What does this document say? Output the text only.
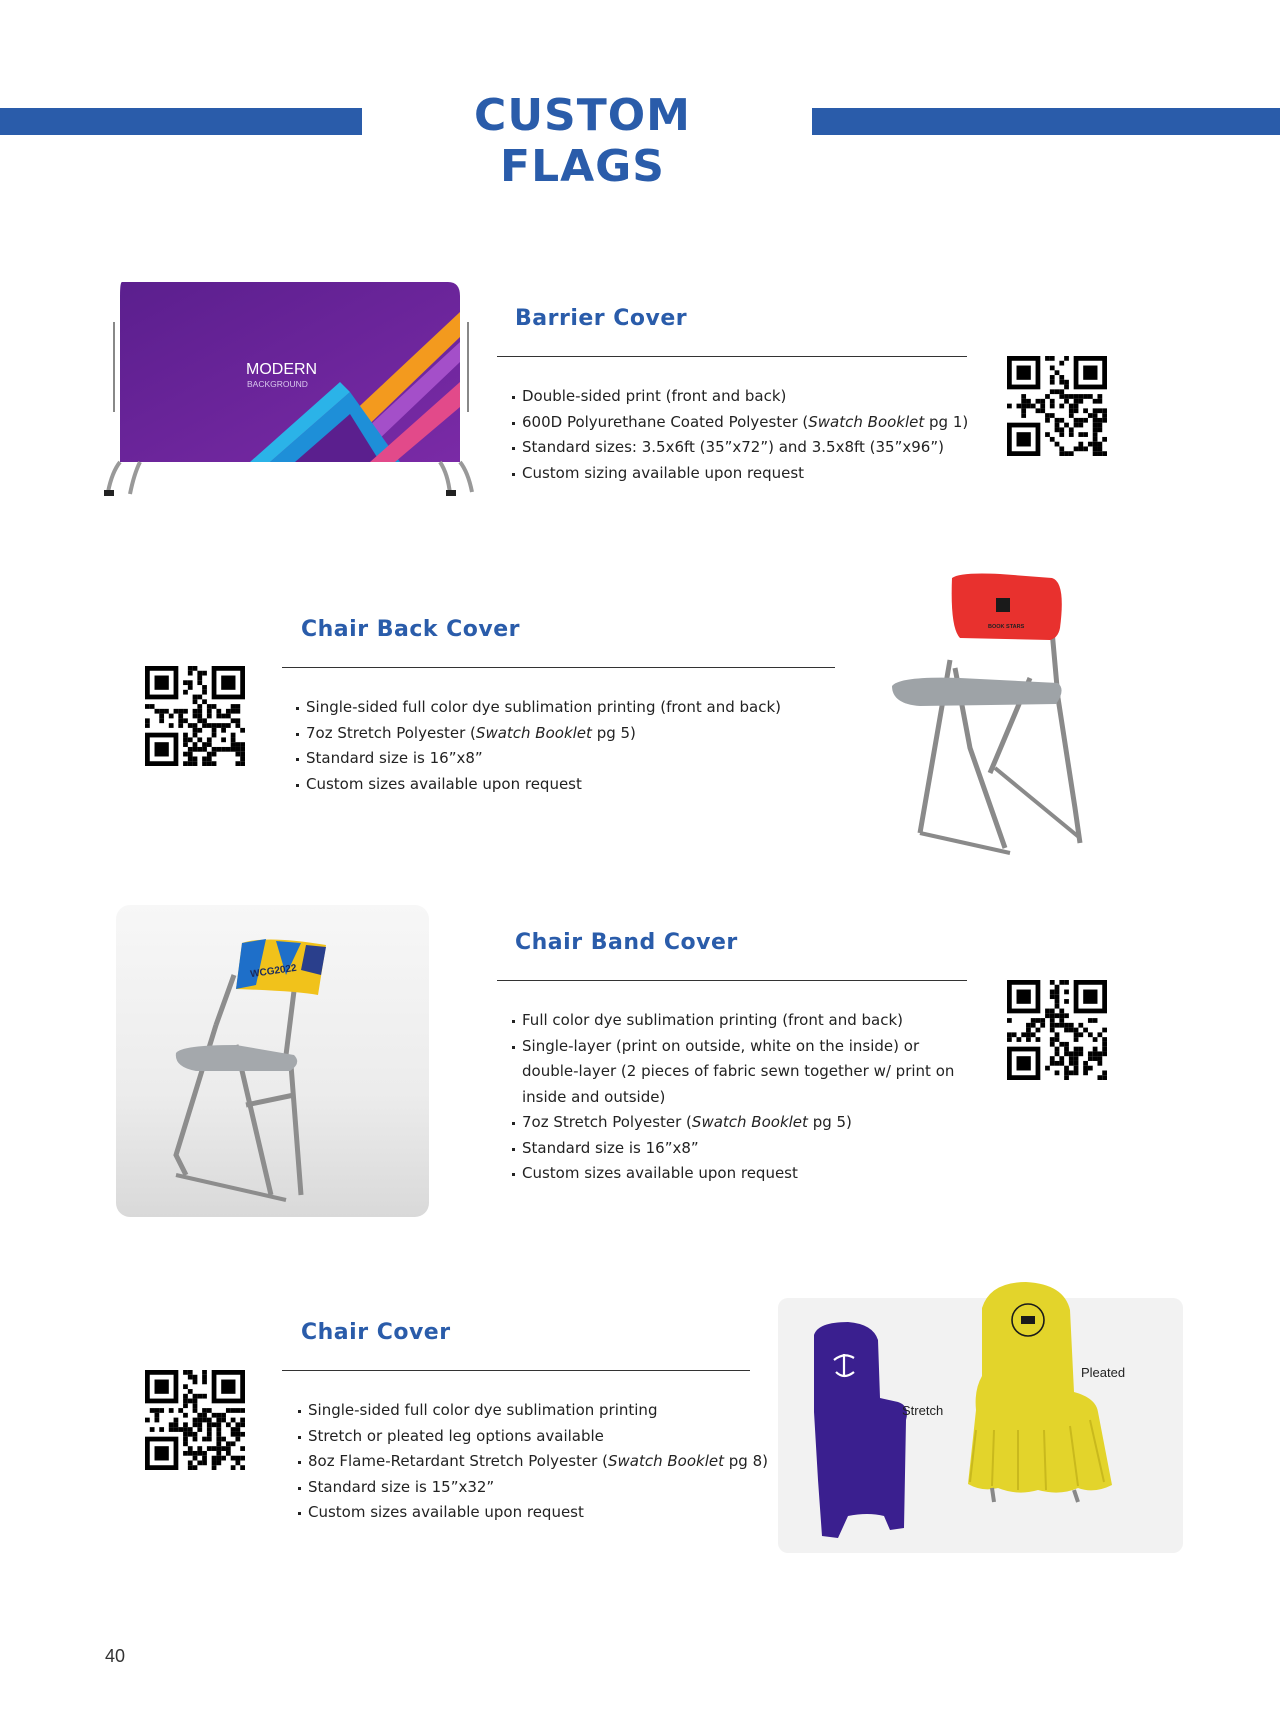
CUSTOM FLAGS
MODERN
BACKGROUND
Barrier Cover
Double-sided print (front and back)
600D Polyurethane Coated Polyester (Swatch Booklet pg 1)
Standard sizes: 3.5x6ft (35”x72”) and 3.5x8ft (35”x96”)
Custom sizing available upon request
Chair Back Cover
Single-sided full color dye sublimation printing (front and back)
7oz Stretch Polyester (Swatch Booklet pg 5)
Standard size is 16”x8”
Custom sizes available upon request
BOOK STARS
WCG2022
Chair Band Cover
Full color dye sublimation printing (front and back)
Single-layer (print on outside, white on the inside) or
double-layer (2 pieces of fabric sewn together w/ print on
inside and outside)
7oz Stretch Polyester (Swatch Booklet pg 5)
Standard size is 16”x8”
Custom sizes available upon request
Chair Cover
Single-sided full color dye sublimation printing
Stretch or pleated leg options available
8oz Flame-Retardant Stretch Polyester (Swatch Booklet pg 8)
Standard size is 15”x32”
Custom sizes available upon request
Stretch
Pleated
40
